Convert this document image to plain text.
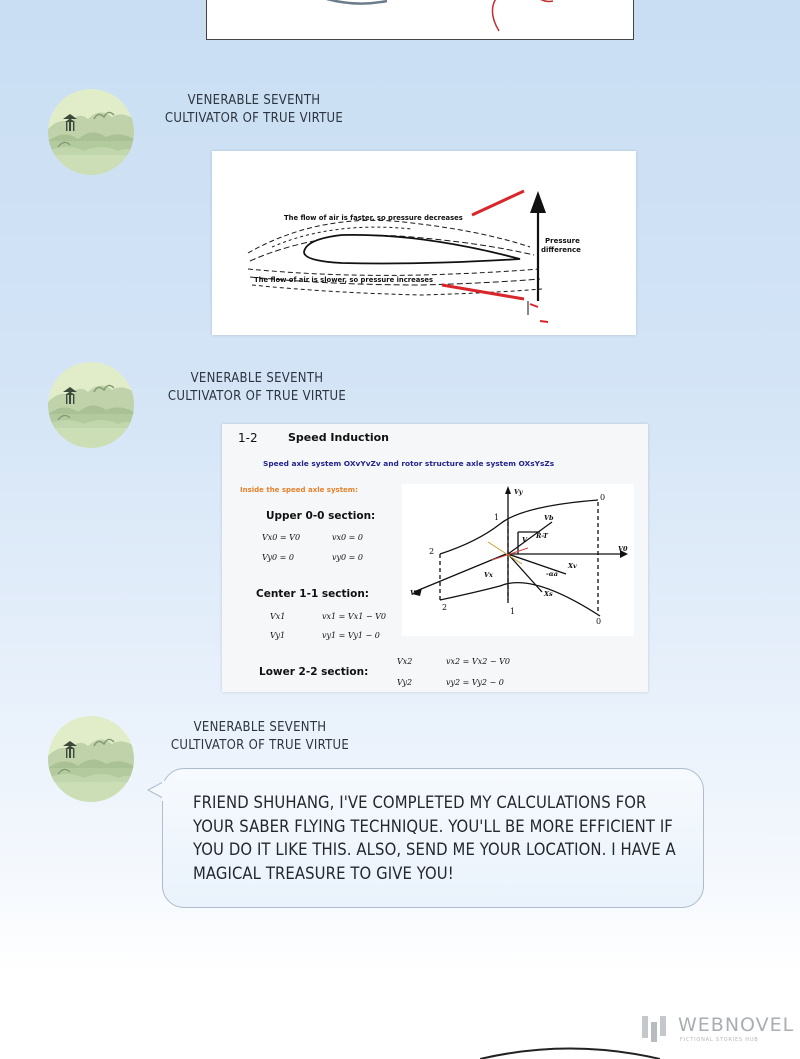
VENERABLE SEVENTH
CULTIVATOR OF TRUE VIRTUE
The flow of air is faster, so pressure decreases
The flow of air is slower, so pressure increases
Pressure
difference
VENERABLE SEVENTH
CULTIVATOR OF TRUE VIRTUE
1-2	Speed Induction
Speed axle system OXvYvZv and rotor structure axle system OXsYsZs
Inside the speed axle system:
Upper 0-0 section:
Vx0 = V0	vx0 = 0
Vy0 = 0	vy0 = 0
Center 1-1 section:
Vx1	vx1 = Vx1 − V0
Vy1	vy1 = Vy1 − 0
Lower 2-2 section:
Vx2	vx2 = Vx2 − V0
Vy2	vy2 = Vy2 − 0
0
1
2
2	1
0
V0
V0
Vy
Vb
R-T
Xv
V
Vx
Xs
-αa
VENERABLE SEVENTH
CULTIVATOR OF TRUE VIRTUE
FRIEND SHUHANG, I'VE COMPLETED MY CALCULATIONS FOR YOUR SABER FLYING TECHNIQUE. YOU'LL BE MORE EFFICIENT IF YOU DO IT LIKE THIS. ALSO, SEND ME YOUR LOCATION. I HAVE A MAGICAL TREASURE TO GIVE YOU!
WEBNOVEL
FICTIONAL STORIES HUB
